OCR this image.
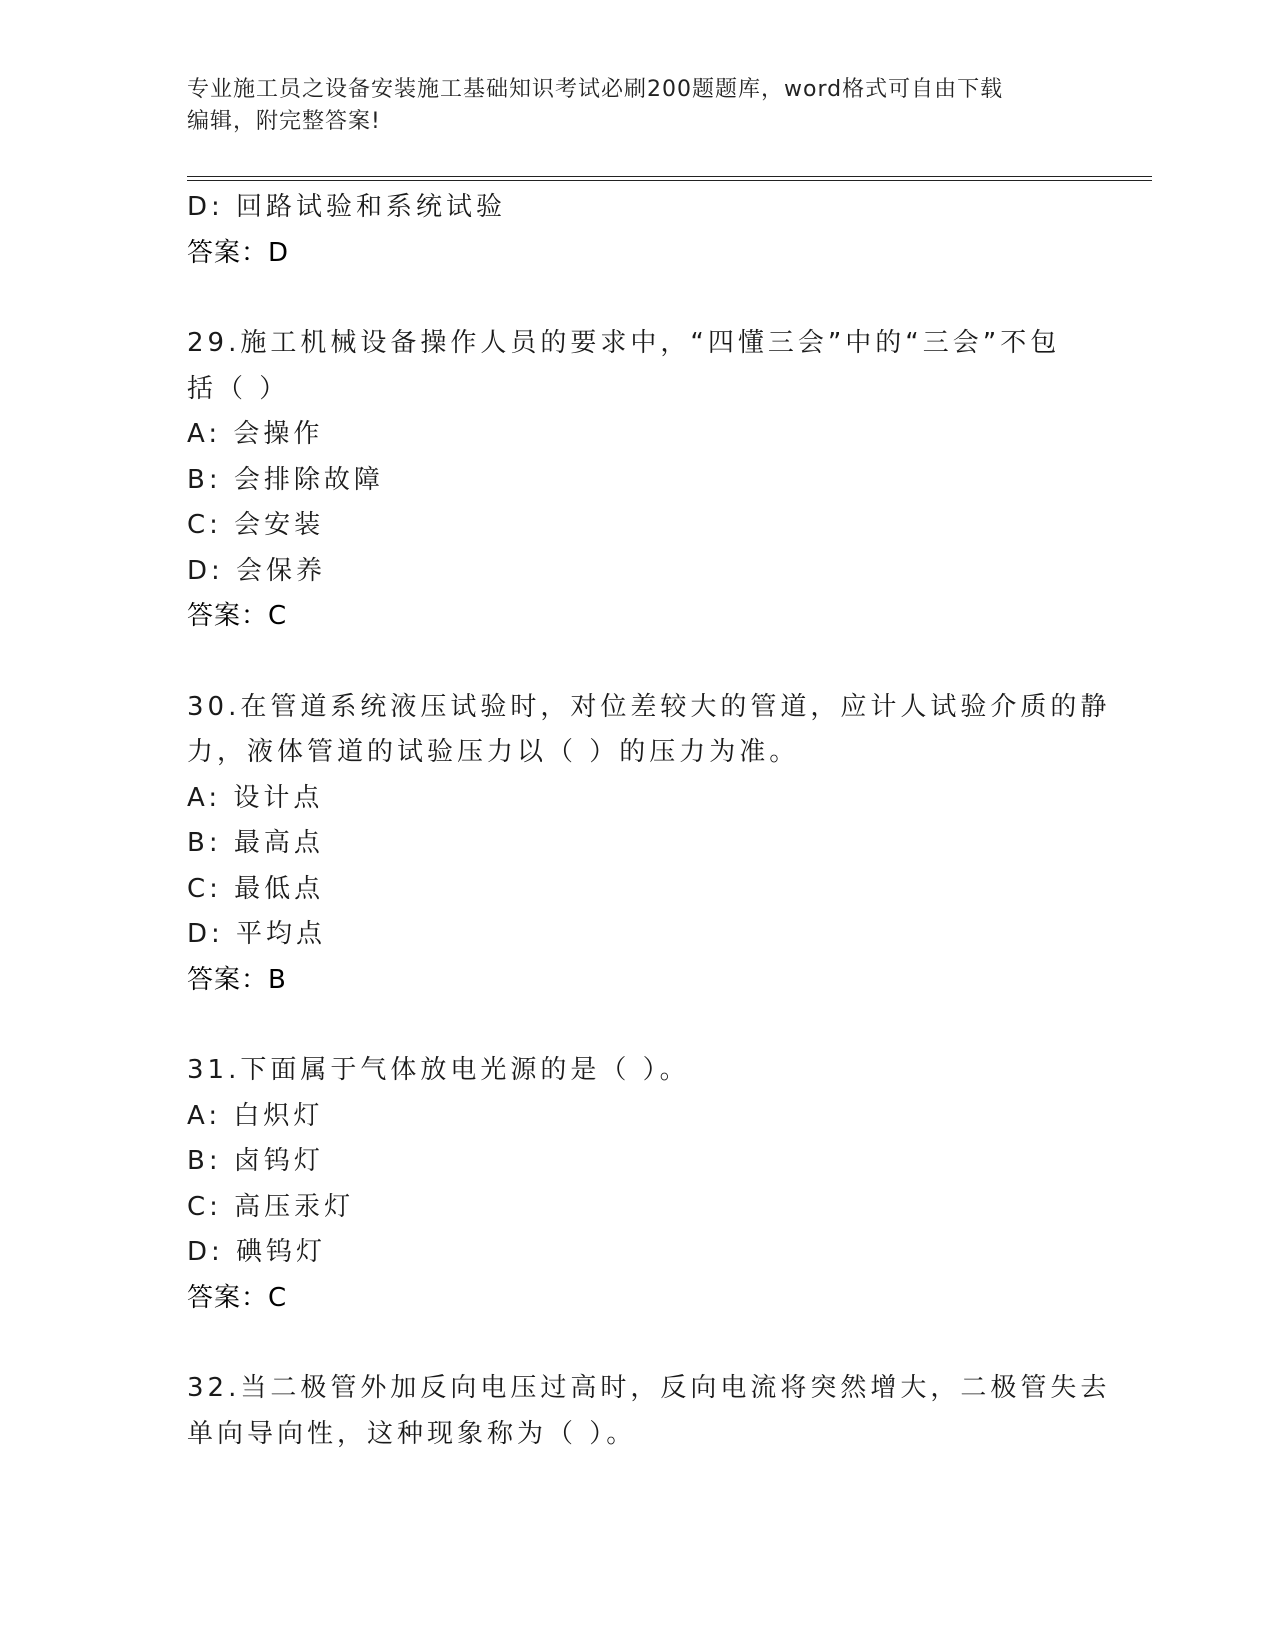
专业施工员之设备安装施工基础知识考试必刷200题题库，word格式可自由下载
编辑，附完整答案!
D: 回路试验和系统试验
答案：D
29.施工机械设备操作人员的要求中，“四懂三会”中的“三会”不包
括（ ）
A: 会操作
B: 会排除故障
C: 会安装
D: 会保养
答案：C
30.在管道系统液压试验时，对位差较大的管道，应计人试验介质的静
力，液体管道的试验压力以（ ）的压力为准。
A: 设计点
B: 最高点
C: 最低点
D: 平均点
答案：B
31.下面属于气体放电光源的是（ ）。
A: 白炽灯
B: 卤钨灯
C: 高压汞灯
D: 碘钨灯
答案：C
32.当二极管外加反向电压过高时，反向电流将突然增大，二极管失去
单向导向性，这种现象称为（ ）。
